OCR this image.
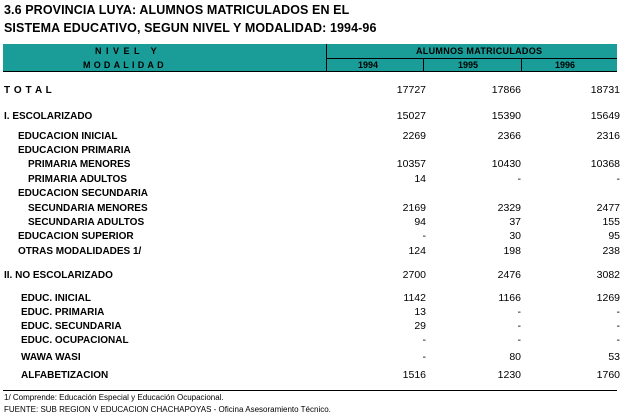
3.6 PROVINCIA LUYA: ALUMNOS MATRICULADOS EN EL
SISTEMA EDUCATIVO, SEGUN NIVEL Y MODALIDAD: 1994-96
NIVEL Y
MODALIDAD
ALUMNOS MATRICULADOS
1994	1995	1996
T O T A L	17727	17866	18731
I. ESCOLARIZADO	15027	15390	15649
EDUCACION INICIAL	2269	2366	2316
EDUCACION PRIMARIA
PRIMARIA MENORES	10357	10430	10368
PRIMARIA ADULTOS	14	-	-
EDUCACION SECUNDARIA
SECUNDARIA MENORES	2169	2329	2477
SECUNDARIA ADULTOS	94	37	155
EDUCACION SUPERIOR	-	30	95
OTRAS MODALIDADES 1/	124	198	238
II. NO ESCOLARIZADO	2700	2476	3082
EDUC. INICIAL	1142	1166	1269
EDUC. PRIMARIA	13	-	-
EDUC. SECUNDARIA	29	-	-
EDUC. OCUPACIONAL	-	-	-
WAWA WASI	-	80	53
ALFABETIZACION	1516	1230	1760
1/ Comprende: Educación Especial y Educación Ocupacional.
FUENTE: SUB REGION V EDUCACION CHACHAPOYAS - Oficina Asesoramiento Técnico.
